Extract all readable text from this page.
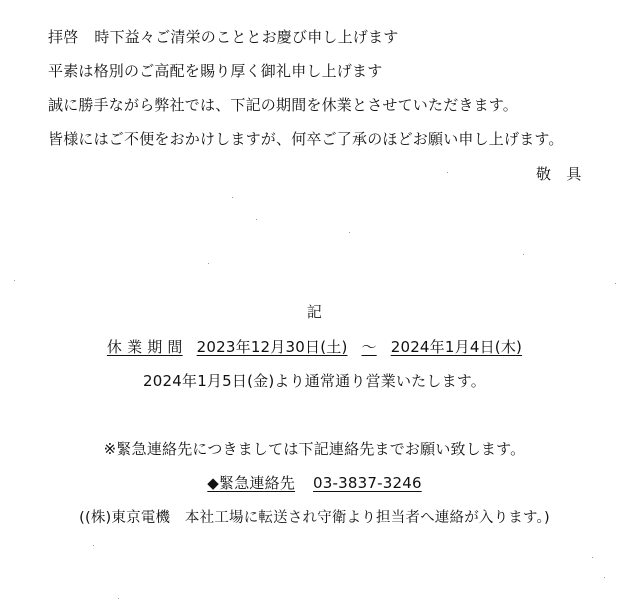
拝啓 時下益々ご清栄のこととお慶び申し上げます
平素は格別のご高配を賜り厚く御礼申し上げます
誠に勝手ながら弊社では、下記の期間を休業とさせていただきます。
皆様にはご不便をおかけしますが、何卒ご了承のほどお願い申し上げます。
敬　具
記
休 業 期 間 2023年12月30日(土) ～ 2024年1月4日(木)
2024年1月5日(金)より通常通り営業いたします。
※緊急連絡先につきましては下記連絡先までお願い致します。
◆緊急連絡先 03-3837-3246
((株)東京電機　本社工場に転送され守衛より担当者へ連絡が入ります。)
